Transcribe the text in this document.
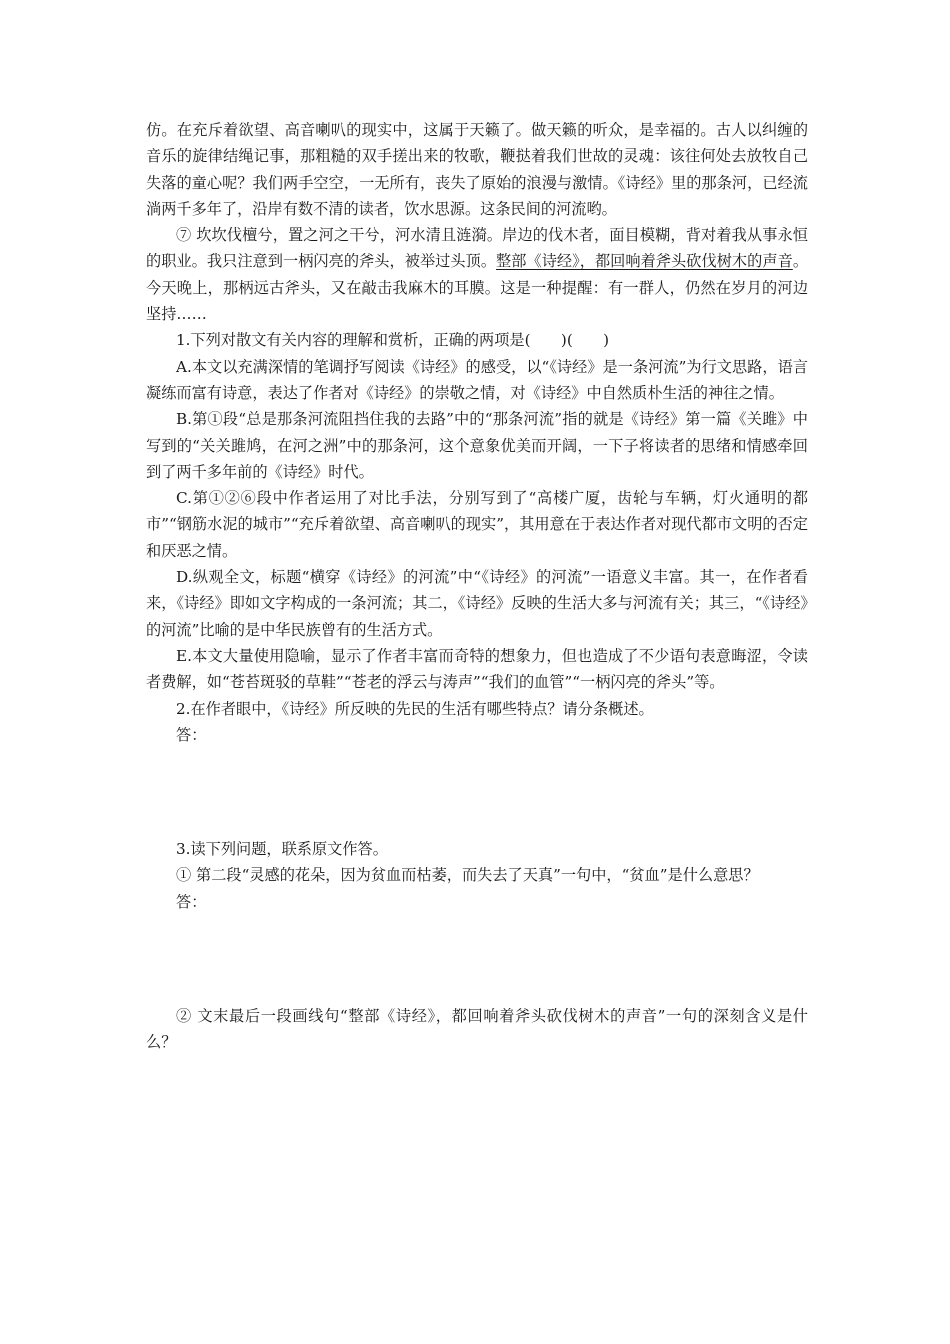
仿。在充斥着欲望、高音喇叭的现实中，这属于天籁了。做天籁的听众，是幸福的。古人以纠缠的音乐的旋律结绳记事，那粗糙的双手搓出来的牧歌，鞭挞着我们世故的灵魂：该往何处去放牧自己失落的童心呢？我们两手空空，一无所有，丧失了原始的浪漫与激情。《诗经》里的那条河，已经流淌两千多年了，沿岸有数不清的读者，饮水思源。这条民间的河流哟。

⑦ 坎坎伐檀兮，置之河之干兮，河水清且涟漪。岸边的伐木者，面目模糊，背对着我从事永恒的职业。我只注意到一柄闪亮的斧头，被举过头顶。整部《诗经》，都回响着斧头砍伐树木的声音。今天晚上，那柄远古斧头，又在敲击我麻木的耳膜。这是一种提醒：有一群人，仍然在岁月的河边坚持……

1.下列对散文有关内容的理解和赏析，正确的两项是(　　)(　　)

A.本文以充满深情的笔调抒写阅读《诗经》的感受，以“《诗经》是一条河流”为行文思路，语言凝练而富有诗意，表达了作者对《诗经》的崇敬之情，对《诗经》中自然质朴生活的神往之情。

B.第①段“总是那条河流阻挡住我的去路”中的“那条河流”指的就是《诗经》第一篇《关雎》中写到的“关关雎鸠，在河之洲”中的那条河，这个意象优美而开阔，一下子将读者的思绪和情感牵回到了两千多年前的《诗经》时代。

C.第①②⑥段中作者运用了对比手法，分别写到了“高楼广厦，齿轮与车辆，灯火通明的都市”“钢筋水泥的城市”“充斥着欲望、高音喇叭的现实”，其用意在于表达作者对现代都市文明的否定和厌恶之情。

D.纵观全文，标题“横穿《诗经》的河流”中“《诗经》的河流”一语意义丰富。其一，在作者看来，《诗经》即如文字构成的一条河流；其二，《诗经》反映的生活大多与河流有关；其三，“《诗经》的河流”比喻的是中华民族曾有的生活方式。

E.本文大量使用隐喻，显示了作者丰富而奇特的想象力，但也造成了不少语句表意晦涩，令读者费解，如“苍苔斑驳的草鞋”“苍老的浮云与涛声”“我们的血管”“一柄闪亮的斧头”等。

2.在作者眼中，《诗经》所反映的先民的生活有哪些特点？请分条概述。

答：

3.读下列问题，联系原文作答。

① 第二段“灵感的花朵，因为贫血而枯萎，而失去了天真”一句中，“贫血”是什么意思？

答：

② 文末最后一段画线句“整部《诗经》，都回响着斧头砍伐树木的声音”一句的深刻含义是什么？
